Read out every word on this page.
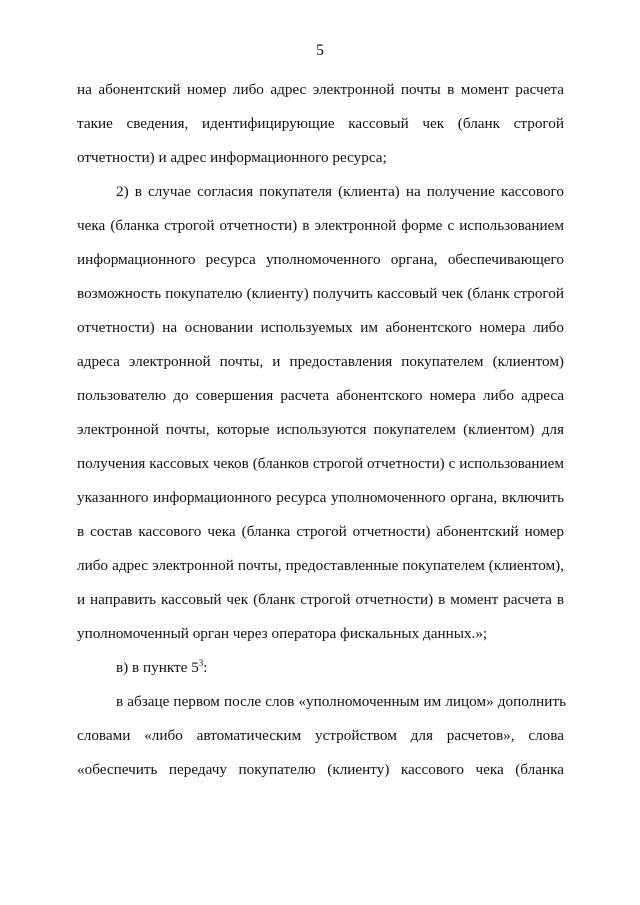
5
на абонентский номер либо адрес электронной почты в момент расчета
такие сведения, идентифицирующие кассовый чек (бланк строгой
отчетности) и адрес информационного ресурса;
2) в случае согласия покупателя (клиента) на получение кассового
чека (бланка строгой отчетности) в электронной форме с использованием
информационного ресурса уполномоченного органа, обеспечивающего
возможность покупателю (клиенту) получить кассовый чек (бланк строгой
отчетности) на основании используемых им абонентского номера либо
адреса электронной почты, и предоставления покупателем (клиентом)
пользователю до совершения расчета абонентского номера либо адреса
электронной почты, которые используются покупателем (клиентом) для
получения кассовых чеков (бланков строгой отчетности) с использованием
указанного информационного ресурса уполномоченного органа, включить
в состав кассового чека (бланка строгой отчетности) абонентский номер
либо адрес электронной почты, предоставленные покупателем (клиентом),
и направить кассовый чек (бланк строгой отчетности) в момент расчета в
уполномоченный орган через оператора фискальных данных.»;
в) в пункте $5^3$:
в абзаце первом после слов «уполномоченным им лицом» дополнить
словами «либо автоматическим устройством для расчетов», слова
«обеспечить передачу покупателю (клиенту) кассового чека (бланка
